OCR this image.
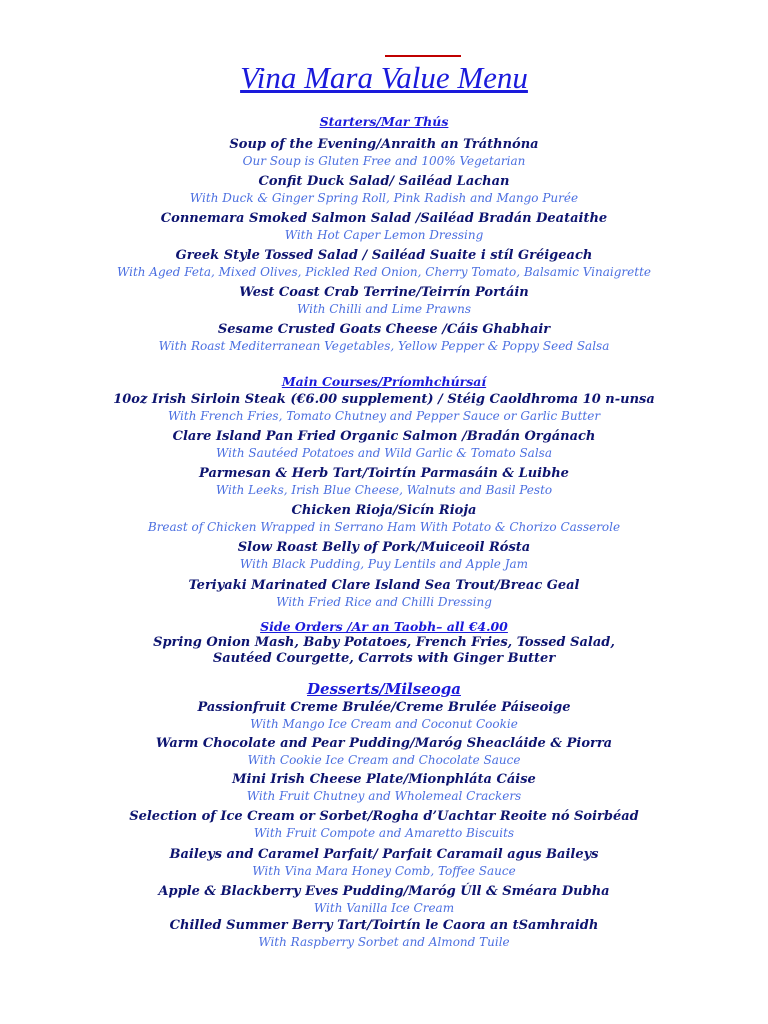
Vina Mara Value Menu
Starters/Mar Thús
Soup of the Evening/Anraith an Tráthnóna
Our Soup is Gluten Free and 100% Vegetarian
Confit Duck Salad/ Sailéad Lachan
With Duck & Ginger Spring Roll, Pink Radish and Mango Purée
Connemara Smoked Salmon Salad /Sailéad Bradán Deataithe
With Hot Caper Lemon Dressing
Greek Style Tossed Salad / Sailéad Suaite i stíl Gréigeach
With Aged Feta, Mixed Olives, Pickled Red Onion, Cherry Tomato, Balsamic Vinaigrette
West Coast Crab Terrine/Teirrín Portáin
With Chilli and Lime Prawns
Sesame Crusted Goats Cheese /Cáis Ghabhair
With Roast Mediterranean Vegetables, Yellow Pepper & Poppy Seed Salsa
Main Courses/Príomhchúrsaí
10oz Irish Sirloin Steak (€6.00 supplement) / Stéig Caoldhroma 10 n-unsa
With French Fries, Tomato Chutney and Pepper Sauce or Garlic Butter
Clare Island Pan Fried Organic Salmon /Bradán Orgánach
With Sautéed Potatoes and Wild Garlic & Tomato Salsa
Parmesan & Herb Tart/Toirtín Parmasáin & Luibhe
With Leeks, Irish Blue Cheese, Walnuts and Basil Pesto
Chicken Rioja/Sicín Rioja
Breast of Chicken Wrapped in Serrano Ham With Potato & Chorizo Casserole
Slow Roast Belly of Pork/Muiceoil Rósta
With Black Pudding, Puy Lentils and Apple Jam
Teriyaki Marinated Clare Island Sea Trout/Breac Geal
With Fried Rice and Chilli Dressing
Side Orders /Ar an Taobh– all €4.00
Spring Onion Mash, Baby Potatoes, French Fries, Tossed Salad,
Sautéed Courgette, Carrots with Ginger Butter
Desserts/Milseoga
Passionfruit Creme Brulée/Creme Brulée Páiseoige
With Mango Ice Cream and Coconut Cookie
Warm Chocolate and Pear Pudding/Maróg Sheacláide & Piorra
With Cookie Ice Cream and Chocolate Sauce
Mini Irish Cheese Plate/Mionphláta Cáise
With Fruit Chutney and Wholemeal Crackers
Selection of Ice Cream or Sorbet/Rogha d’Uachtar Reoite nó Soirbéad
With Fruit Compote and Amaretto Biscuits
Baileys and Caramel Parfait/ Parfait Caramail agus Baileys
With Vina Mara Honey Comb, Toffee Sauce
Apple & Blackberry Eves Pudding/Maróg Úll & Sméara Dubha
With Vanilla Ice Cream
Chilled Summer Berry Tart/Toirtín le Caora an tSamhraidh
With Raspberry Sorbet and Almond Tuile
